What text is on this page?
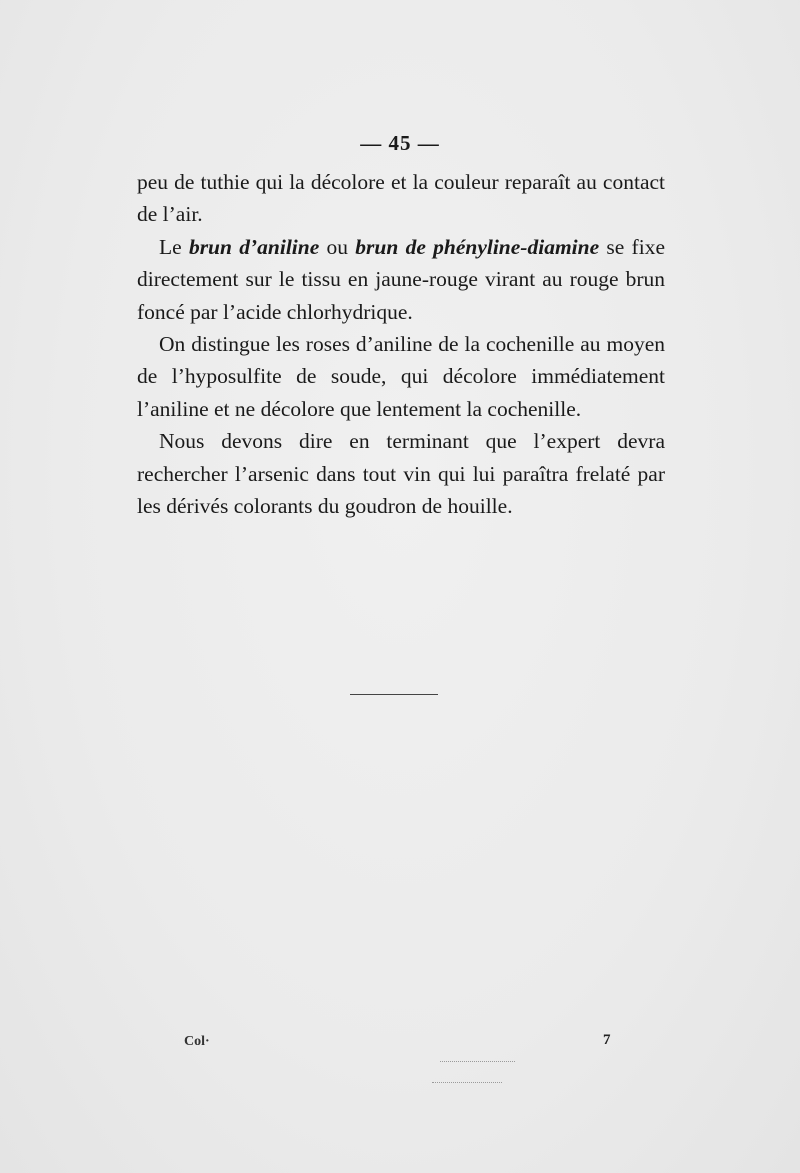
— 45 —

peu de tuthie qui la décolore et la couleur reparaît au contact de l’air.

Le brun d’aniline ou brun de phényline-diamine se fixe directement sur le tissu en jaune-rouge virant au rouge brun foncé par l’acide chlorhydrique.

On distingue les roses d’aniline de la cochenille au moyen de l’hyposulfite de soude, qui décolore immédiatement l’aniline et ne décolore que lentement la cochenille.

Nous devons dire en terminant que l’expert devra rechercher l’arsenic dans tout vin qui lui paraîtra frelaté par les dérivés colorants du goudron de houille.

Col·	7
